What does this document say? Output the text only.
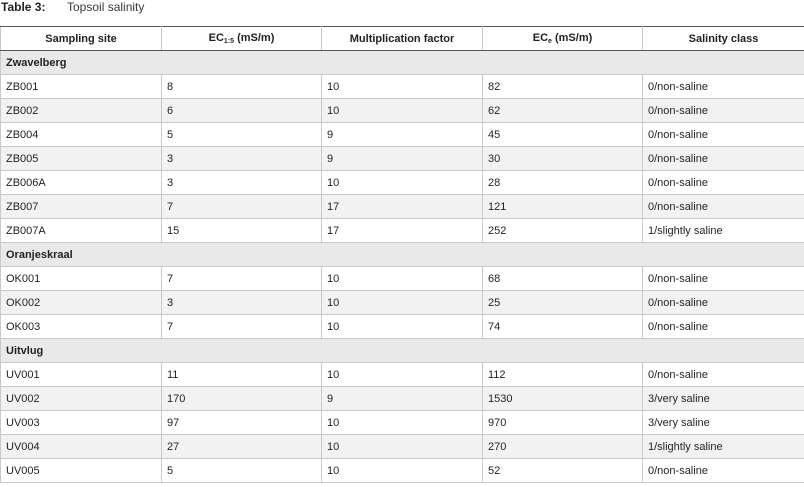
Table 3: Topsoil salinity
Sampling site	$EC_{1:5}$ (mS/m)	Multiplication factor	$EC_e$ (mS/m)	Salinity class
Zwavelberg				
ZB001	8	10	82	0/non-saline
ZB002	6	10	62	0/non-saline
ZB004	5	9	45	0/non-saline
ZB005	3	9	30	0/non-saline
ZB006A	3	10	28	0/non-saline
ZB007	7	17	121	0/non-saline
ZB007A	15	17	252	1/slightly saline
Oranjeskraal				
OK001	7	10	68	0/non-saline
OK002	3	10	25	0/non-saline
OK003	7	10	74	0/non-saline
Uitvlug				
UV001	11	10	112	0/non-saline
UV002	170	9	1530	3/very saline
UV003	97	10	970	3/very saline
UV004	27	10	270	1/slightly saline
UV005	5	10	52	0/non-saline
